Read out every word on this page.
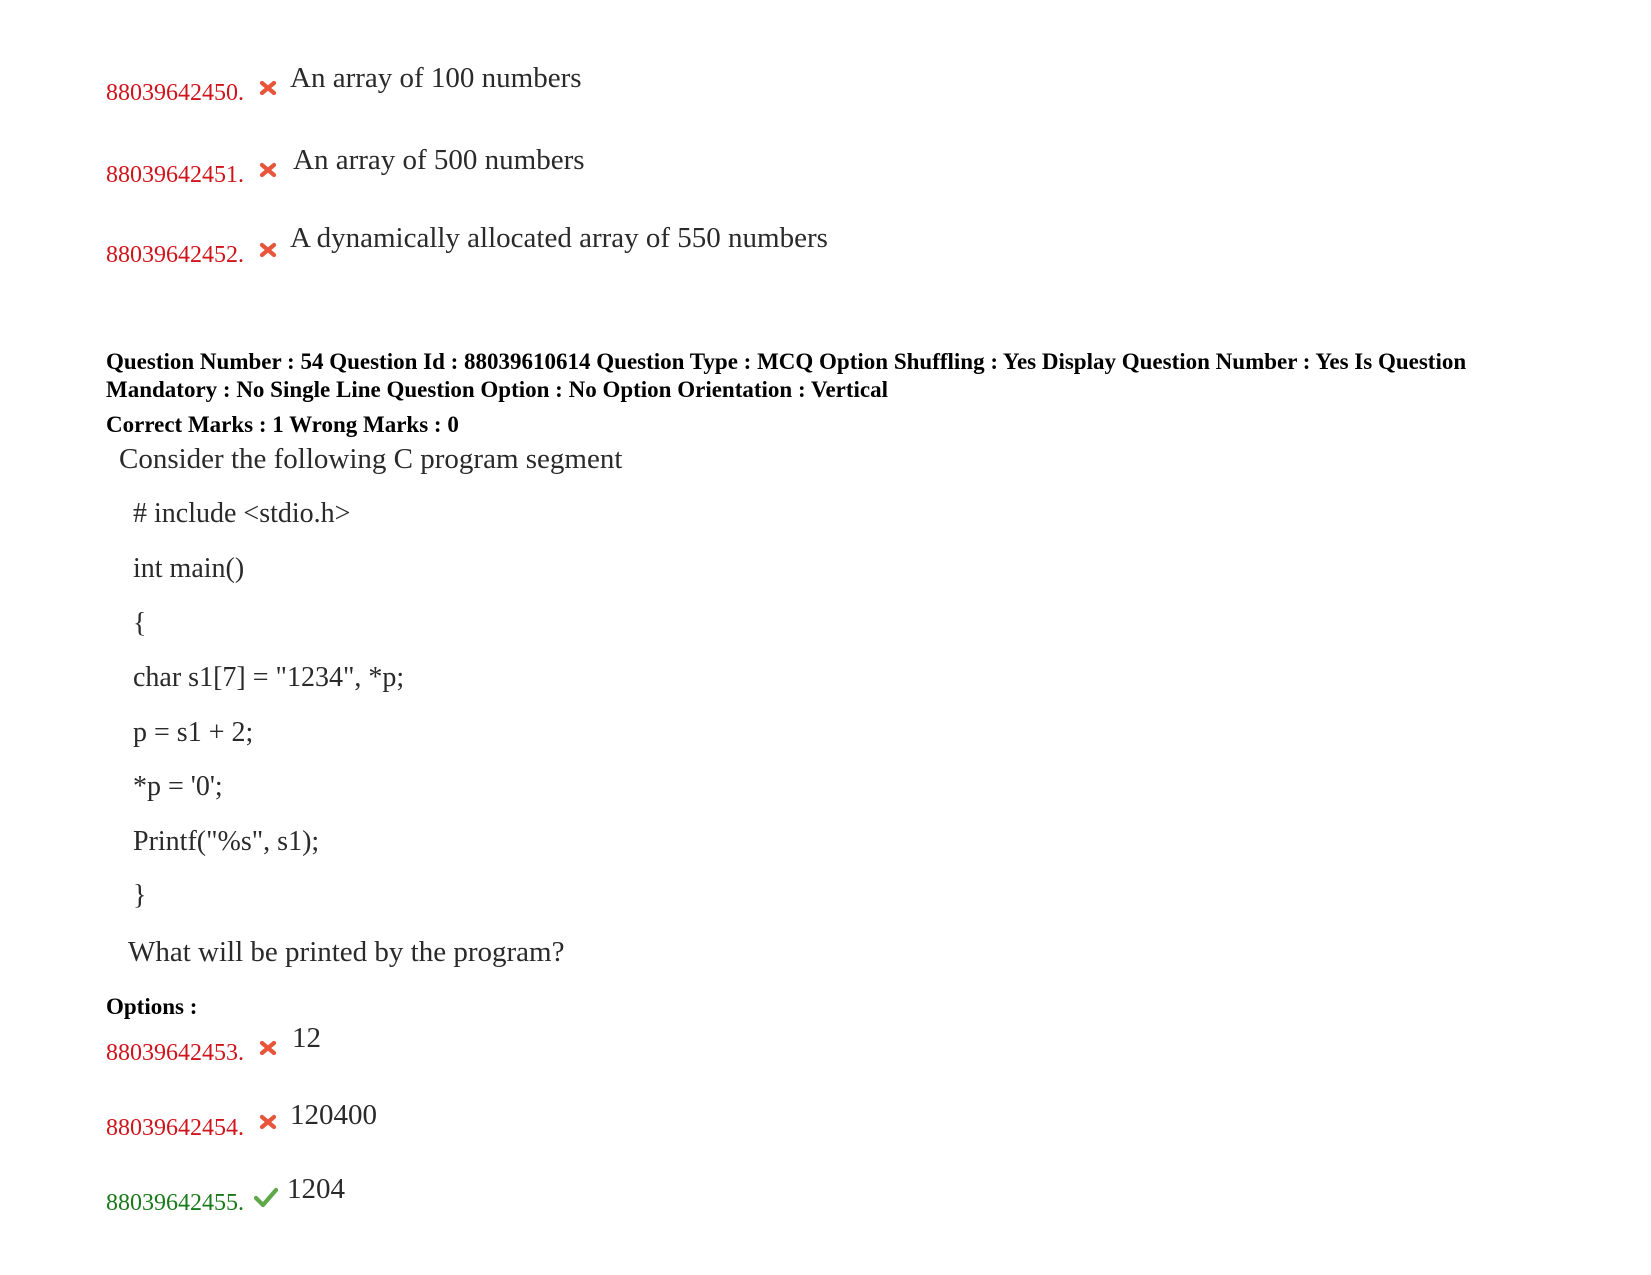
88039642450. An array of 100 numbers
88039642451. An array of 500 numbers
88039642452.
A dynamically allocated array of 550 numbers
Question Number : 54 Question Id : 88039610614 Question Type : MCQ Option Shuffling : Yes Display Question Number : Yes Is Question Mandatory : No Single Line Question Option : No Option Orientation : Vertical
Correct Marks : 1 Wrong Marks : 0
Consider the following C program segment
# include <stdio.h>
int main()
{
char s1[7] = "1234", *p;
p = s1 + 2;
*p = '0';
Printf("%s", s1);
}
What will be printed by the program?
Options :
88039642453. 12
88039642454. 120400
88039642455. 1204
